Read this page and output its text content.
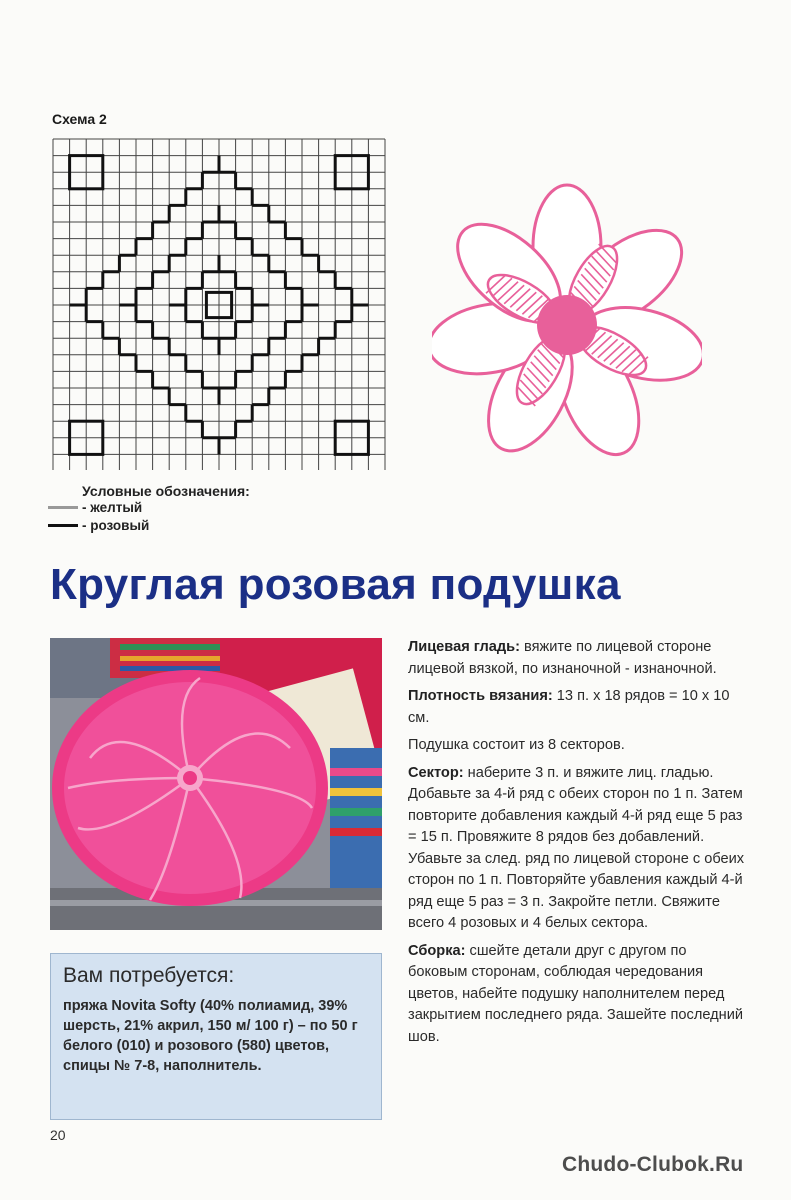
Схема 2
Условные обозначения:
- желтый
- розовый
Круглая розовая подушка
Вам потребуется:
пряжа Novita Softy (40% полиамид, 39% шерсть, 21% акрил, 150 м/ 100 г) – по 50 г белого (010) и розового (580) цветов, спицы № 7-8, наполнитель.

Лицевая гладь: вяжите по лицевой стороне лицевой вязкой, по изнаночной - изнаночной.

Плотность вязания: 13 п. х 18 рядов = 10 х 10 см.

Подушка состоит из 8 секторов.

Сектор: наберите 3 п. и вяжите лиц. гладью. Добавьте за 4-й ряд с обеих сторон по 1 п. Затем повторите добавления каждый 4-й ряд еще 5 раз = 15 п. Провяжите 8 рядов без добавлений. Убавьте за след. ряд по лицевой стороне с обеих сторон по 1 п. Повторяйте убавления каждый 4-й ряд еще 5 раз = 3 п. Закройте петли. Свяжите всего 4 розовых и 4 белых сектора.

Сборка: сшейте детали друг с другом по боковым сторонам, соблюдая чередования цветов, набейте подушку наполнителем перед закрытием последнего ряда. Зашейте последний шов.

20
Chudo-Clubok.Ru
